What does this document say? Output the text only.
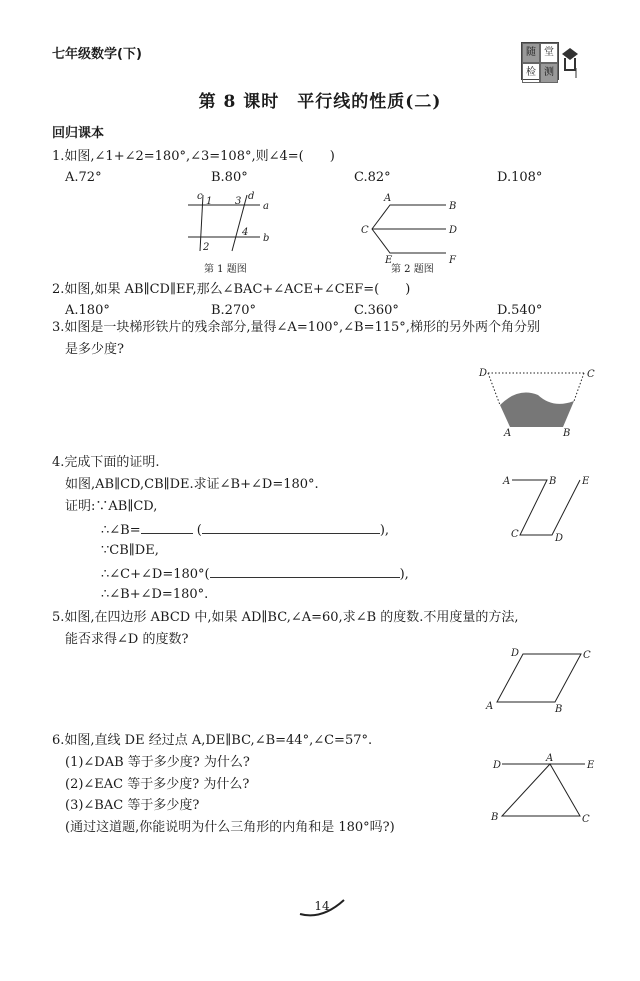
七年级数学(下)	随 堂
检 测
第 8 课时　平行线的性质(二)
回归课本
1.如图,∠1+∠2=180°,∠3=108°,则∠4=(　　)
A.72°	B.80°	C.82°	D.108°
c 1 3 d
a
4
b
2
第 1 题图
A
B
C	D
E	F
第 2 题图
2.如图,如果 AB∥CD∥EF,那么∠BAC+∠ACE+∠CEF=(　　)
A.180°	B.270°	C.360°	D.540°
3.如图是一块梯形铁片的残余部分,量得∠A=100°,∠B=115°,梯形的另外两个角分别
是多少度?
D	C
A	B
4.完成下面的证明.
如图,AB∥CD,CB∥DE.求证∠B+∠D=180°.
证明:∵AB∥CD,
∴∠B=	(	),
∵CB∥DE,
∴∠C+∠D=180°(	),
∴∠B+∠D=180°.
A	B	E
C	D
5.如图,在四边形 ABCD 中,如果 AD∥BC,∠A=60,求∠B 的度数.不用度量的方法,
能否求得∠D 的度数?
D	C
A	B
6.如图,直线 DE 经过点 A,DE∥BC,∠B=44°,∠C=57°.
(1)∠DAB 等于多少度? 为什么?
(2)∠EAC 等于多少度? 为什么?
(3)∠BAC 等于多少度?
(通过这道题,你能说明为什么三角形的内角和是 180°吗?)
D
A
E
B	C
14
